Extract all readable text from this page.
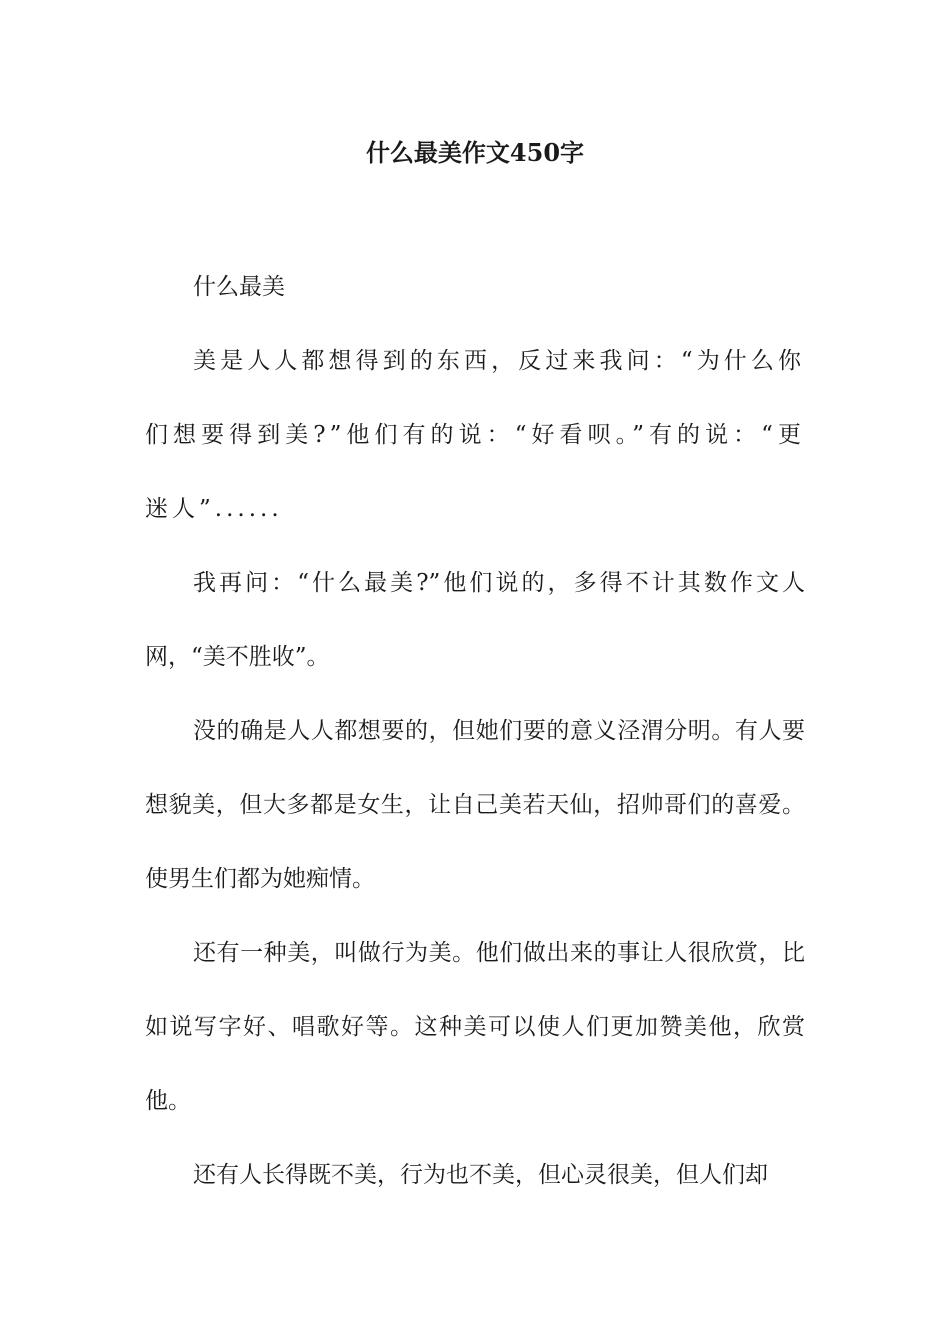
什么最美作文450字

什么最美

美是人人都想得到的东西，反过来我问：“为什么你们想要得到美?”他们有的说：“好看呗。”有的说：“更迷人”......

我再问：“什么最美?”他们说的，多得不计其数作文人网，“美不胜收”。

没的确是人人都想要的，但她们要的意义泾渭分明。有人要想貌美，但大多都是女生，让自己美若天仙，招帅哥们的喜爱。使男生们都为她痴情。

还有一种美，叫做行为美。他们做出来的事让人很欣赏，比如说写字好、唱歌好等。这种美可以使人们更加赞美他，欣赏他。

还有人长得既不美，行为也不美，但心灵很美，但人们却
